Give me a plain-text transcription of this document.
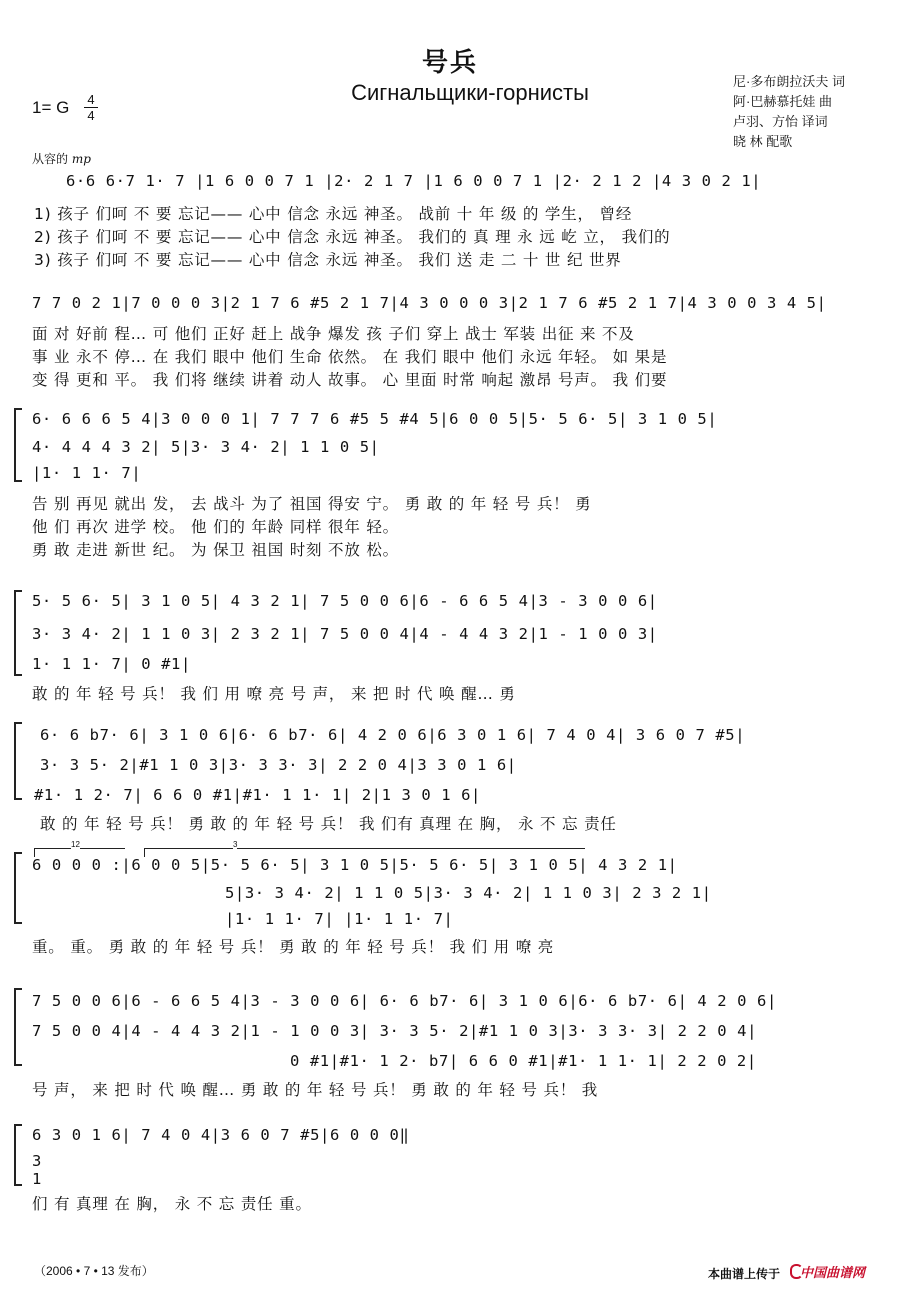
号兵
Сигнальщики-горнисты
1= G 4
4
尼·多布朗拉沃夫 词
阿·巴赫慕托娃 曲
卢羽、方怡 译词
晓 林 配歌
从容的 mp
6·6 6·7 1· 7 |1 6 0 0 7 1 |2· 2 1 7 |1 6 0 0 7 1 |2· 2 1 2 |4 3 0 2 1|
1) 孩子 们呵 不 要 忘记—— 心中 信念 永远 神圣。 战前 十 年 级 的 学生， 曾经
2) 孩子 们呵 不 要 忘记—— 心中 信念 永远 神圣。 我们的 真 理 永 远 屹 立， 我们的
3) 孩子 们呵 不 要 忘记—— 心中 信念 永远 神圣。 我们 送 走 二 十 世 纪 世界
7 7 0 2 1|7 0 0 0 3|2 1 7 6 #5 2 1 7|4 3 0 0 0 3|2 1 7 6 #5 2 1 7|4 3 0 0 3 4 5|
面 对 好前 程… 可 他们 正好 赶上 战争 爆发 孩 子们 穿上 战士 军装 出征 来 不及
事 业 永不 停… 在 我们 眼中 他们 生命 依然。 在 我们 眼中 他们 永远 年轻。 如 果是
变 得 更和 平。 我 们将 继续 讲着 动人 故事。 心 里面 时常 响起 激昂 号声。 我 们要
6· 6 6 6 5 4|3 0 0 0 1| 7 7 7 6 #5 5 #4 5|6 0 0 5|5· 5 6· 5| 3 1 0 5|
4· 4 4 4 3 2| 5|3· 3 4· 2| 1 1 0 5|
|1· 1 1· 7|
告 别 再见 就出 发， 去 战斗 为了 祖国 得安 宁。 勇 敢 的 年 轻 号 兵！ 勇
他 们 再次 进学 校。 他 们的 年龄 同样 很年 轻。
勇 敢 走进 新世 纪。 为 保卫 祖国 时刻 不放 松。
5· 5 6· 5| 3 1 0 5| 4 3 2 1| 7 5 0 0 6|6 - 6 6 5 4|3 - 3 0 0 6|
3· 3 4· 2| 1 1 0 3| 2 3 2 1| 7 5 0 0 4|4 - 4 4 3 2|1 - 1 0 0 3|
1· 1 1· 7| 0 #1|
敢 的 年 轻 号 兵！ 我 们 用 嘹 亮 号 声， 来 把 时 代 唤 醒… 勇
6· 6 b7· 6| 3 1 0 6|6· 6 b7· 6| 4 2 0 6|6 3 0 1 6| 7 4 0 4| 3 6 0 7 #5|
3· 3 5· 2|#1 1 0 3|3· 3 3· 3| 2 2 0 4|3 3 0 1 6|
#1· 1 2· 7| 6 6 0 #1|#1· 1 1· 1| 2|1 3 0 1 6|
敢 的 年 轻 号 兵！ 勇 敢 的 年 轻 号 兵！ 我 们有 真理 在 胸， 永 不 忘 责任
12	3
6 0 0 0 :|6 0 0 5|5· 5 6· 5| 3 1 0 5|5· 5 6· 5| 3 1 0 5| 4 3 2 1|
5|3· 3 4· 2| 1 1 0 5|3· 3 4· 2| 1 1 0 3| 2 3 2 1|
|1· 1 1· 7| |1· 1 1· 7|
重。 重。 勇 敢 的 年 轻 号 兵！ 勇 敢 的 年 轻 号 兵！ 我 们 用 嘹 亮
7 5 0 0 6|6 - 6 6 5 4|3 - 3 0 0 6| 6· 6 b7· 6| 3 1 0 6|6· 6 b7· 6| 4 2 0 6|
7 5 0 0 4|4 - 4 4 3 2|1 - 1 0 0 3| 3· 3 5· 2|#1 1 0 3|3· 3 3· 3| 2 2 0 4|
0 #1|#1· 1 2· b7| 6 6 0 #1|#1· 1 1· 1| 2 2 0 2|
号 声， 来 把 时 代 唤 醒… 勇 敢 的 年 轻 号 兵！ 勇 敢 的 年 轻 号 兵！ 我
6 3 0 1 6| 7 4 0 4|3 6 0 7 #5|6 0 0 0‖
3
1
们 有 真理 在 胸， 永 不 忘 责任 重。
（2006 • 7 • 13 发布）	本曲谱上传于 中国曲谱网
